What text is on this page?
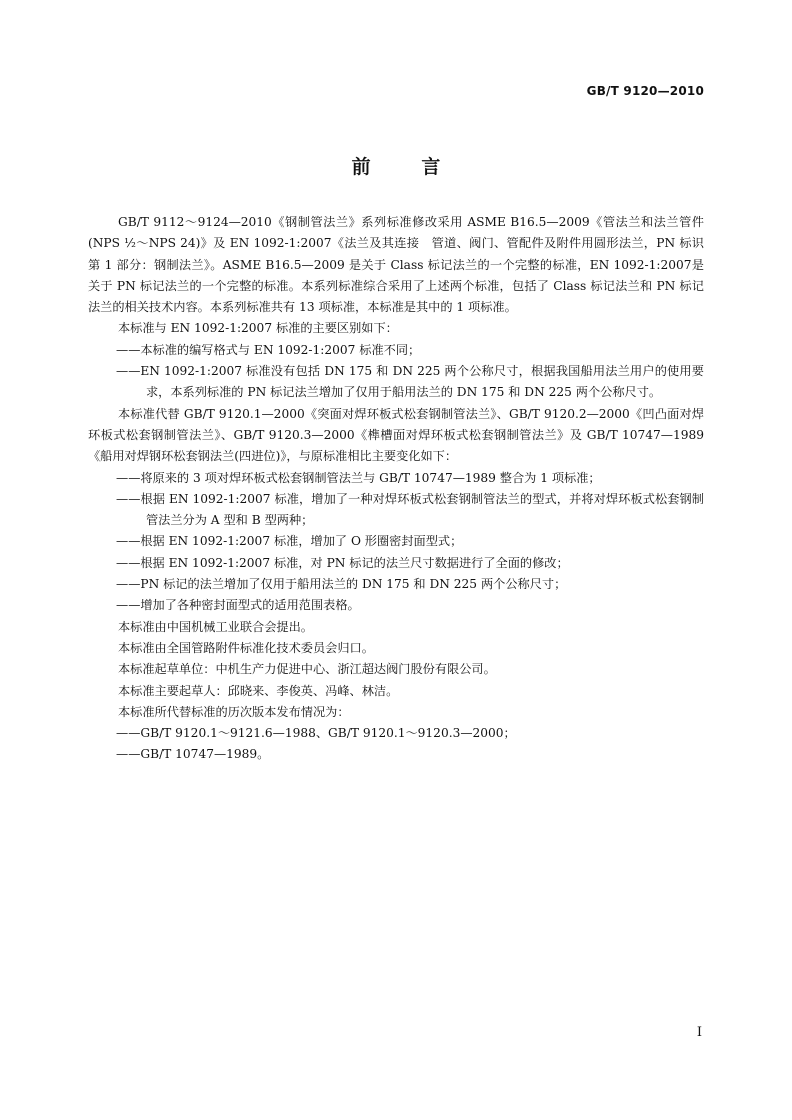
GB/T 9120—2010
前	言

GB/T 9112～9124—2010《钢制管法兰》系列标准修改采用 ASME B16.5—2009《管法兰和法兰管件(NPS ½～NPS 24)》及 EN 1092-1:2007《法兰及其连接　管道、阀门、管配件及附件用圆形法兰，PN 标识　第 1 部分：钢制法兰》。ASME B16.5—2009 是关于 Class 标记法兰的一个完整的标准，EN 1092-1:2007是关于 PN 标记法兰的一个完整的标准。本系列标准综合采用了上述两个标准，包括了 Class 标记法兰和 PN 标记法兰的相关技术内容。本系列标准共有 13 项标准，本标准是其中的 1 项标准。

本标准与 EN 1092-1:2007 标准的主要区别如下：

——本标准的编写格式与 EN 1092-1:2007 标准不同；

——EN 1092-1:2007 标准没有包括 DN 175 和 DN 225 两个公称尺寸，根据我国船用法兰用户的使用要求，本系列标准的 PN 标记法兰增加了仅用于船用法兰的 DN 175 和 DN 225 两个公称尺寸。

本标准代替 GB/T 9120.1—2000《突面对焊环板式松套钢制管法兰》、GB/T 9120.2—2000《凹凸面对焊环板式松套钢制管法兰》、GB/T 9120.3—2000《榫槽面对焊环板式松套钢制管法兰》及 GB/T 10747—1989《船用对焊钢环松套钢法兰(四进位)》，与原标准相比主要变化如下：

——将原来的 3 项对焊环板式松套钢制管法兰与 GB/T 10747—1989 整合为 1 项标准；

——根据 EN 1092-1:2007 标准，增加了一种对焊环板式松套钢制管法兰的型式，并将对焊环板式松套钢制管法兰分为 A 型和 B 型两种；

——根据 EN 1092-1:2007 标准，增加了 O 形圈密封面型式；

——根据 EN 1092-1:2007 标准，对 PN 标记的法兰尺寸数据进行了全面的修改；

——PN 标记的法兰增加了仅用于船用法兰的 DN 175 和 DN 225 两个公称尺寸；

——增加了各种密封面型式的适用范围表格。

本标准由中国机械工业联合会提出。

本标准由全国管路附件标准化技术委员会归口。

本标准起草单位：中机生产力促进中心、浙江超达阀门股份有限公司。

本标准主要起草人：邱晓来、李俊英、冯峰、林洁。

本标准所代替标准的历次版本发布情况为：

——GB/T 9120.1～9121.6—1988、GB/T 9120.1～9120.3—2000；

——GB/T 10747—1989。

I
